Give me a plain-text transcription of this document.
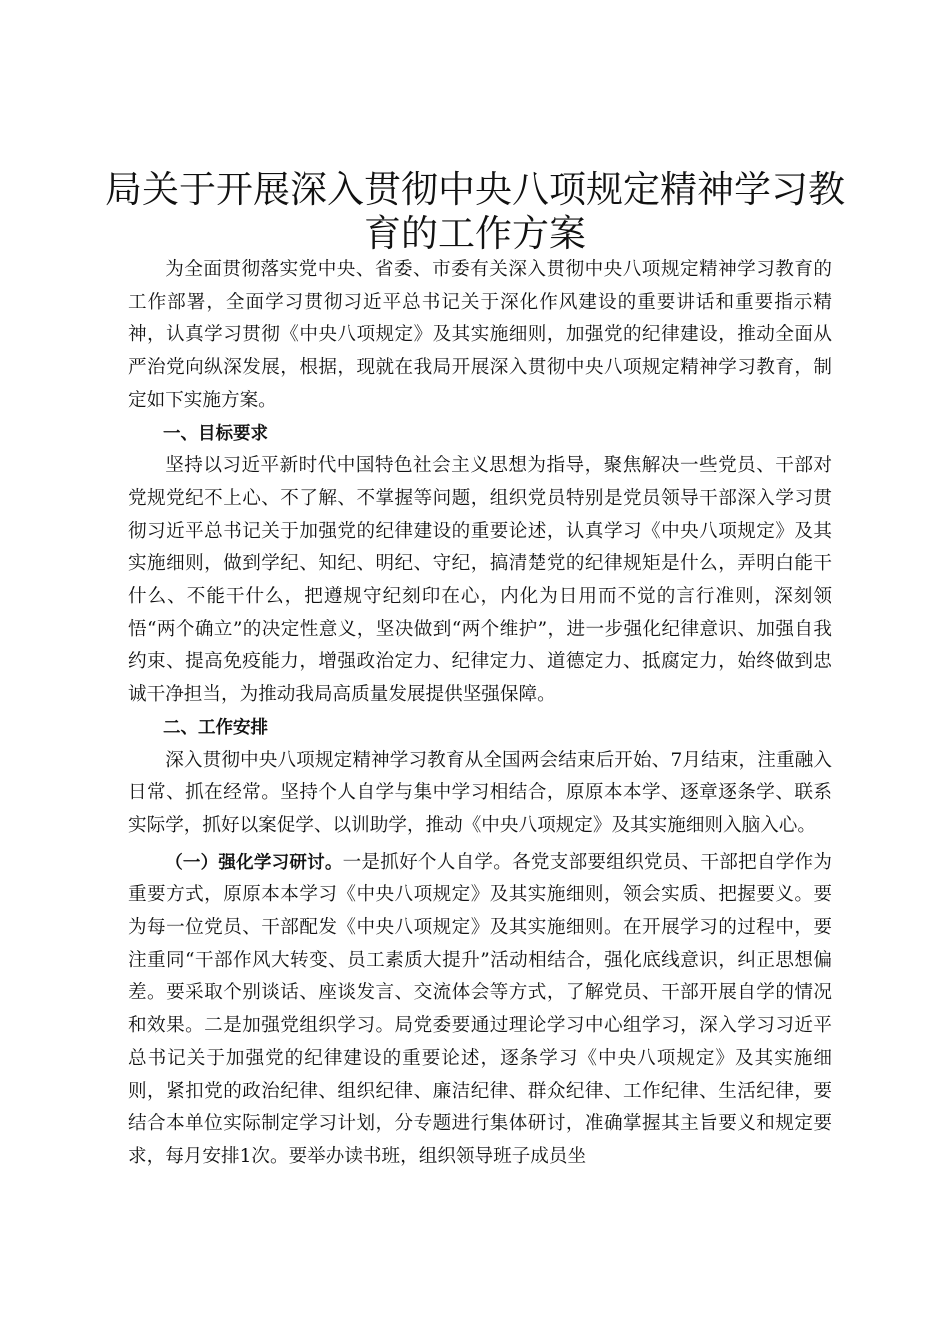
局关于开展深入贯彻中央八项规定精神学习教育的工作方案

为全面贯彻落实党中央、省委、市委有关深入贯彻中央八项规定精神学习教育的工作部署，全面学习贯彻习近平总书记关于深化作风建设的重要讲话和重要指示精神，认真学习贯彻《中央八项规定》及其实施细则，加强党的纪律建设，推动全面从严治党向纵深发展，根据，现就在我局开展深入贯彻中央八项规定精神学习教育，制定如下实施方案。

一、目标要求

坚持以习近平新时代中国特色社会主义思想为指导，聚焦解决一些党员、干部对党规党纪不上心、不了解、不掌握等问题，组织党员特别是党员领导干部深入学习贯彻习近平总书记关于加强党的纪律建设的重要论述，认真学习《中央八项规定》及其实施细则，做到学纪、知纪、明纪、守纪，搞清楚党的纪律规矩是什么，弄明白能干什么、不能干什么，把遵规守纪刻印在心，内化为日用而不觉的言行准则，深刻领悟“两个确立”的决定性意义，坚决做到“两个维护”，进一步强化纪律意识、加强自我约束、提高免疫能力，增强政治定力、纪律定力、道德定力、抵腐定力，始终做到忠诚干净担当，为推动我局高质量发展提供坚强保障。

二、工作安排

深入贯彻中央八项规定精神学习教育从全国两会结束后开始、7月结束，注重融入日常、抓在经常。坚持个人自学与集中学习相结合，原原本本学、逐章逐条学、联系实际学，抓好以案促学、以训助学，推动《中央八项规定》及其实施细则入脑入心。

（一）强化学习研讨。一是抓好个人自学。各党支部要组织党员、干部把自学作为重要方式，原原本本学习《中央八项规定》及其实施细则，领会实质、把握要义。要为每一位党员、干部配发《中央八项规定》及其实施细则。在开展学习的过程中，要注重同“干部作风大转变、员工素质大提升”活动相结合，强化底线意识，纠正思想偏差。要采取个别谈话、座谈发言、交流体会等方式，了解党员、干部开展自学的情况和效果。二是加强党组织学习。局党委要通过理论学习中心组学习，深入学习习近平总书记关于加强党的纪律建设的重要论述，逐条学习《中央八项规定》及其实施细则，紧扣党的政治纪律、组织纪律、廉洁纪律、群众纪律、工作纪律、生活纪律，要结合本单位实际制定学习计划，分专题进行集体研讨，准确掌握其主旨要义和规定要求，每月安排1次。要举办读书班，组织领导班子成员坐
